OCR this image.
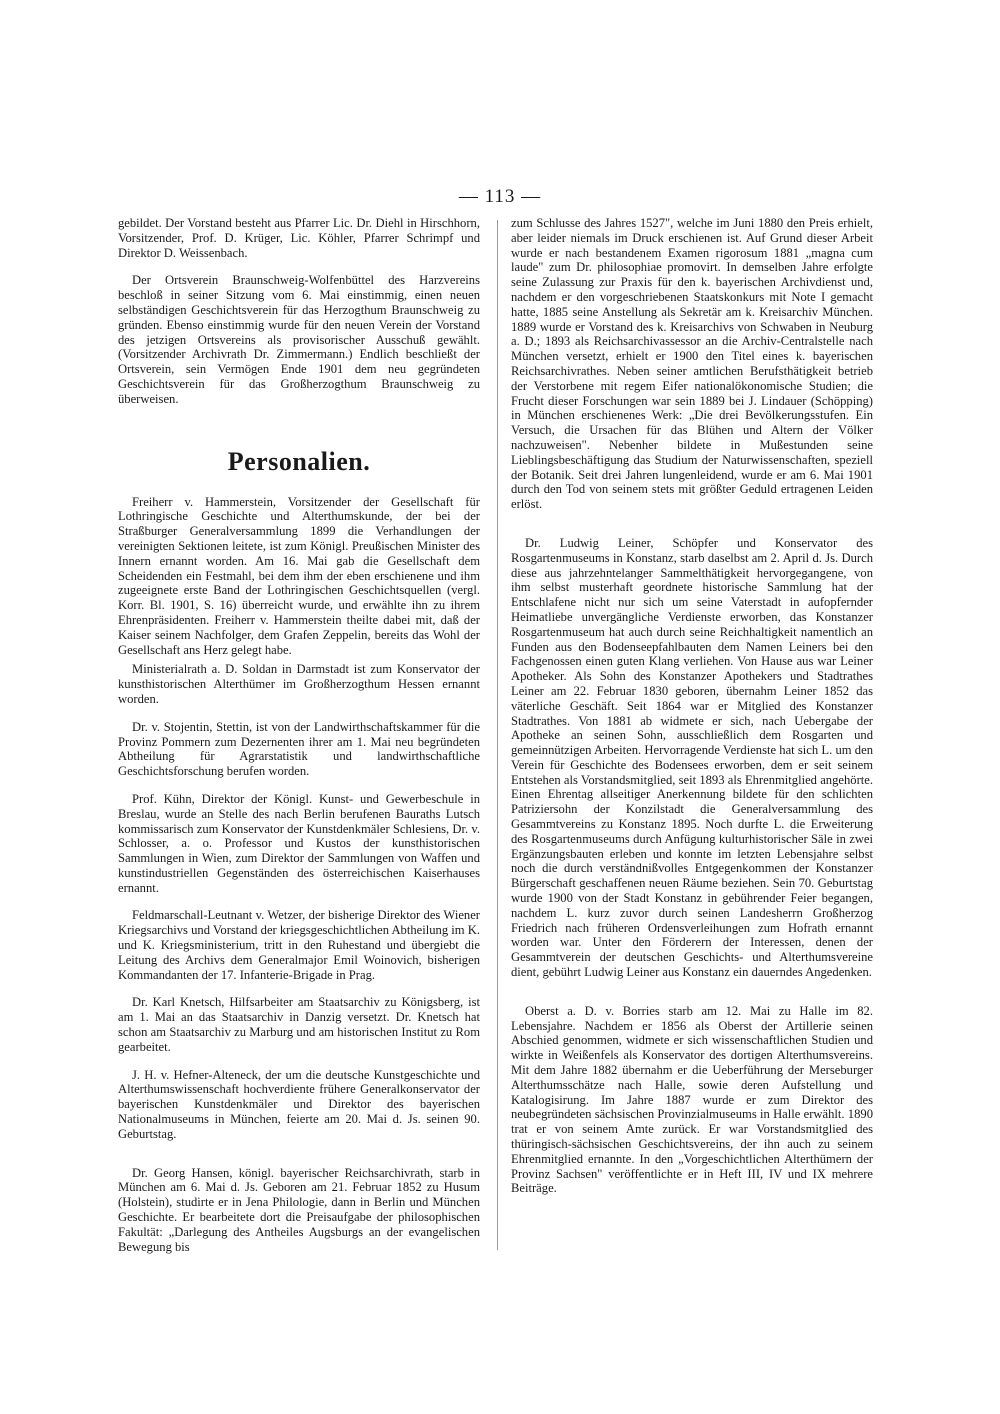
— 113 —

gebildet. Der Vorstand besteht aus Pfarrer Lic. Dr. Diehl in Hirschhorn, Vorsitzender, Prof. D. Krüger, Lic. Köhler, Pfarrer Schrimpf und Direktor D. Weissenbach.

Der Ortsverein Braunschweig-Wolfenbüttel des Harzvereins beschloß in seiner Sitzung vom 6. Mai einstimmig, einen neuen selbständigen Geschichtsverein für das Herzogthum Braunschweig zu gründen. Ebenso einstimmig wurde für den neuen Verein der Vorstand des jetzigen Ortsvereins als provisorischer Ausschuß gewählt. (Vorsitzender Archivrath Dr. Zimmermann.) Endlich beschließt der Ortsverein, sein Vermögen Ende 1901 dem neu gegründeten Geschichtsverein für das Großherzogthum Braunschweig zu überweisen.

Personalien.

Freiherr v. Hammerstein, Vorsitzender der Gesellschaft für Lothringische Geschichte und Alterthumskunde, der bei der Straßburger Generalversammlung 1899 die Verhandlungen der vereinigten Sektionen leitete, ist zum Königl. Preußischen Minister des Innern ernannt worden. Am 16. Mai gab die Gesellschaft dem Scheidenden ein Festmahl, bei dem ihm der eben erschienene und ihm zugeeignete erste Band der Lothringischen Geschichtsquellen (vergl. Korr. Bl. 1901, S. 16) überreicht wurde, und erwählte ihn zu ihrem Ehrenpräsidenten. Freiherr v. Hammerstein theilte dabei mit, daß der Kaiser seinem Nachfolger, dem Grafen Zeppelin, bereits das Wohl der Gesellschaft ans Herz gelegt habe.

Ministerialrath a. D. Soldan in Darmstadt ist zum Konservator der kunsthistorischen Alterthümer im Großherzogthum Hessen ernannt worden.

Dr. v. Stojentin, Stettin, ist von der Landwirthschaftskammer für die Provinz Pommern zum Dezernenten ihrer am 1. Mai neu begründeten Abtheilung für Agrarstatistik und landwirthschaftliche Geschichtsforschung berufen worden.

Prof. Kühn, Direktor der Königl. Kunst- und Gewerbeschule in Breslau, wurde an Stelle des nach Berlin berufenen Bauraths Lutsch kommissarisch zum Konservator der Kunstdenkmäler Schlesiens, Dr. v. Schlosser, a. o. Professor und Kustos der kunsthistorischen Sammlungen in Wien, zum Direktor der Sammlungen von Waffen und kunstindustriellen Gegenständen des österreichischen Kaiserhauses ernannt.

Feldmarschall-Leutnant v. Wetzer, der bisherige Direktor des Wiener Kriegsarchivs und Vorstand der kriegsgeschichtlichen Abtheilung im K. und K. Kriegsministerium, tritt in den Ruhestand und übergiebt die Leitung des Archivs dem Generalmajor Emil Woinovich, bisherigen Kommandanten der 17. Infanterie-Brigade in Prag.

Dr. Karl Knetsch, Hilfsarbeiter am Staatsarchiv zu Königsberg, ist am 1. Mai an das Staatsarchiv in Danzig versetzt. Dr. Knetsch hat schon am Staatsarchiv zu Marburg und am historischen Institut zu Rom gearbeitet.

J. H. v. Hefner-Alteneck, der um die deutsche Kunstgeschichte und Alterthumswissenschaft hochverdiente frühere Generalkonservator der bayerischen Kunstdenkmäler und Direktor des bayerischen Nationalmuseums in München, feierte am 20. Mai d. Js. seinen 90. Geburtstag.

Dr. Georg Hansen, königl. bayerischer Reichsarchivrath, starb in München am 6. Mai d. Js. Geboren am 21. Februar 1852 zu Husum (Holstein), studirte er in Jena Philologie, dann in Berlin und München Geschichte. Er bearbeitete dort die Preisaufgabe der philosophischen Fakultät: „Darlegung des Antheiles Augsburgs an der evangelischen Bewegung bis

zum Schlusse des Jahres 1527", welche im Juni 1880 den Preis erhielt, aber leider niemals im Druck erschienen ist. Auf Grund dieser Arbeit wurde er nach bestandenem Examen rigorosum 1881 „magna cum laude" zum Dr. philosophiae promovirt. In demselben Jahre erfolgte seine Zulassung zur Praxis für den k. bayerischen Archivdienst und, nachdem er den vorgeschriebenen Staatskonkurs mit Note I gemacht hatte, 1885 seine Anstellung als Sekretär am k. Kreisarchiv München. 1889 wurde er Vorstand des k. Kreisarchivs von Schwaben in Neuburg a. D.; 1893 als Reichsarchivassessor an die Archiv-Centralstelle nach München versetzt, erhielt er 1900 den Titel eines k. bayerischen Reichsarchivrathes. Neben seiner amtlichen Berufsthätigkeit betrieb der Verstorbene mit regem Eifer nationalökonomische Studien; die Frucht dieser Forschungen war sein 1889 bei J. Lindauer (Schöpping) in München erschienenes Werk: „Die drei Bevölkerungsstufen. Ein Versuch, die Ursachen für das Blühen und Altern der Völker nachzuweisen". Nebenher bildete in Mußestunden seine Lieblingsbeschäftigung das Studium der Naturwissenschaften, speziell der Botanik. Seit drei Jahren lungenleidend, wurde er am 6. Mai 1901 durch den Tod von seinem stets mit größter Geduld ertragenen Leiden erlöst.

Dr. Ludwig Leiner, Schöpfer und Konservator des Rosgartenmuseums in Konstanz, starb daselbst am 2. April d. Js. Durch diese aus jahrzehntelanger Sammelthätigkeit hervorgegangene, von ihm selbst musterhaft geordnete historische Sammlung hat der Entschlafene nicht nur sich um seine Vaterstadt in aufopfernder Heimatliebe unvergängliche Verdienste erworben, das Konstanzer Rosgartenmuseum hat auch durch seine Reichhaltigkeit namentlich an Funden aus den Bodenseepfahlbauten dem Namen Leiners bei den Fachgenossen einen guten Klang verliehen. Von Hause aus war Leiner Apotheker. Als Sohn des Konstanzer Apothekers und Stadtrathes Leiner am 22. Februar 1830 geboren, übernahm Leiner 1852 das väterliche Geschäft. Seit 1864 war er Mitglied des Konstanzer Stadtrathes. Von 1881 ab widmete er sich, nach Uebergabe der Apotheke an seinen Sohn, ausschließlich dem Rosgarten und gemeinnützigen Arbeiten. Hervorragende Verdienste hat sich L. um den Verein für Geschichte des Bodensees erworben, dem er seit seinem Entstehen als Vorstandsmitglied, seit 1893 als Ehrenmitglied angehörte. Einen Ehrentag allseitiger Anerkennung bildete für den schlichten Patriziersohn der Konzilstadt die Generalversammlung des Gesammtvereins zu Konstanz 1895. Noch durfte L. die Erweiterung des Rosgartenmuseums durch Anfügung kulturhistorischer Säle in zwei Ergänzungsbauten erleben und konnte im letzten Lebensjahre selbst noch die durch verständnißvolles Entgegenkommen der Konstanzer Bürgerschaft geschaffenen neuen Räume beziehen. Sein 70. Geburtstag wurde 1900 von der Stadt Konstanz in gebührender Feier begangen, nachdem L. kurz zuvor durch seinen Landesherrn Großherzog Friedrich nach früheren Ordensverleihungen zum Hofrath ernannt worden war. Unter den Förderern der Interessen, denen der Gesammtverein der deutschen Geschichts- und Alterthumsvereine dient, gebührt Ludwig Leiner aus Konstanz ein dauerndes Angedenken.

Oberst a. D. v. Borries starb am 12. Mai zu Halle im 82. Lebensjahre. Nachdem er 1856 als Oberst der Artillerie seinen Abschied genommen, widmete er sich wissenschaftlichen Studien und wirkte in Weißenfels als Konservator des dortigen Alterthumsvereins. Mit dem Jahre 1882 übernahm er die Ueberführung der Merseburger Alterthumsschätze nach Halle, sowie deren Aufstellung und Katalogisirung. Im Jahre 1887 wurde er zum Direktor des neubegründeten sächsischen Provinzialmuseums in Halle erwählt. 1890 trat er von seinem Amte zurück. Er war Vorstandsmitglied des thüringisch-sächsischen Geschichtsvereins, der ihn auch zu seinem Ehrenmitglied ernannte. In den „Vorgeschichtlichen Alterthümern der Provinz Sachsen" veröffentlichte er in Heft III, IV und IX mehrere Beiträge.
